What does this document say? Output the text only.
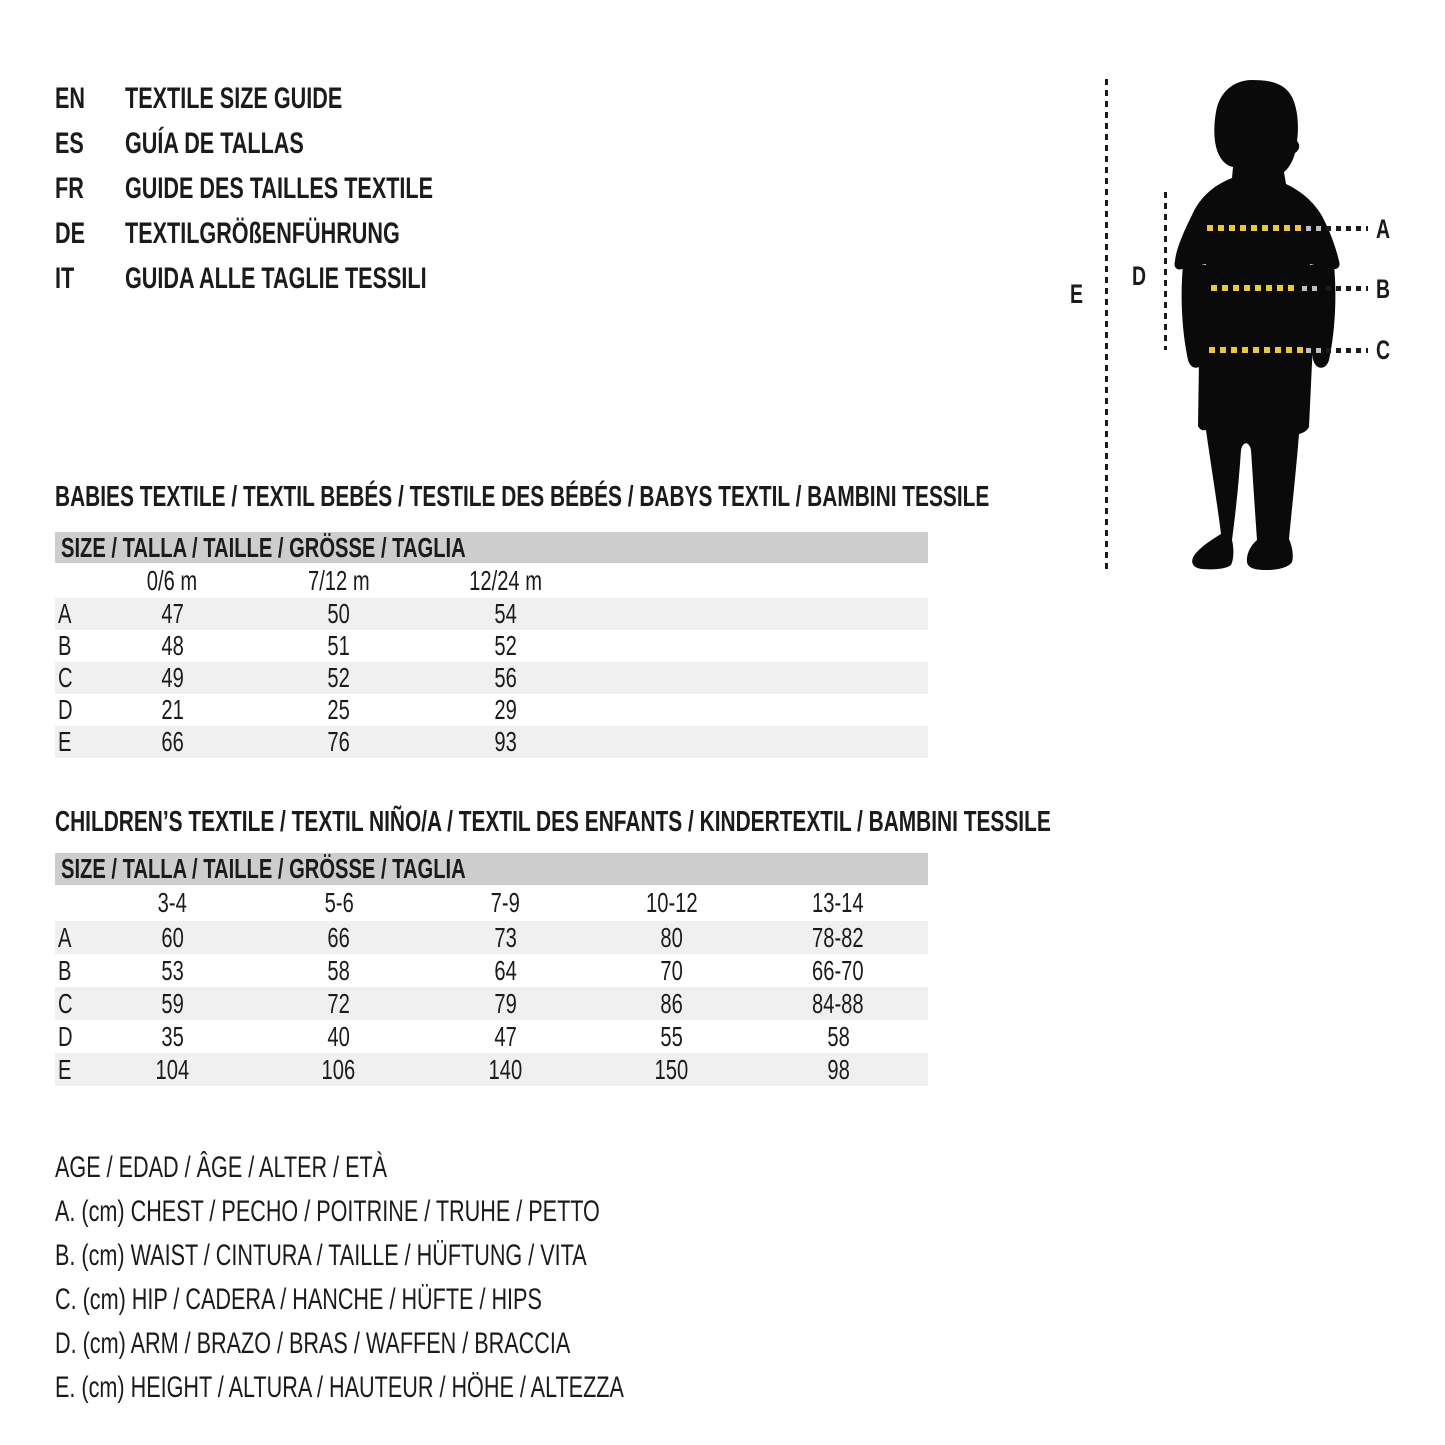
EN	TEXTILE SIZE GUIDE
ES	GUÍA DE TALLAS
FR	GUIDE DES TAILLES TEXTILE
DE	TEXTILGRÖßENFÜHRUNG
IT	GUIDA ALLE TAGLIE TESSILI	E
D
A
B
C
BABIES TEXTILE / TEXTIL BEBÉS / TESTILE DES BÉBÉS / BABYS TEXTIL / BAMBINI TESSILE
SIZE / TALLA / TAILLE / GRÖSSE / TAGLIA
0/6 m	7/12 m	12/24 m
A	47	50	54
B	48	51	52
C	49	52	56
D	21	25	29
E	66	76	93
CHILDREN’S TEXTILE / TEXTIL NIÑO/A / TEXTIL DES ENFANTS / KINDERTEXTIL / BAMBINI TESSILE
SIZE / TALLA / TAILLE / GRÖSSE / TAGLIA
3-4	5-6	7-9	10-12	13-14
A	60	66	73	80	78-82
B	53	58	64	70	66-70
C	59	72	79	86	84-88
D	35	40	47	55	58
E	104	106	140	150	98
AGE / EDAD / ÂGE / ALTER / ETÀ
A. (cm) CHEST / PECHO / POITRINE / TRUHE / PETTO
B. (cm) WAIST / CINTURA / TAILLE / HÜFTUNG / VITA
C. (cm) HIP / CADERA / HANCHE / HÜFTE / HIPS
D. (cm) ARM / BRAZO / BRAS / WAFFEN / BRACCIA
E. (cm) HEIGHT / ALTURA / HAUTEUR / HÖHE / ALTEZZA
